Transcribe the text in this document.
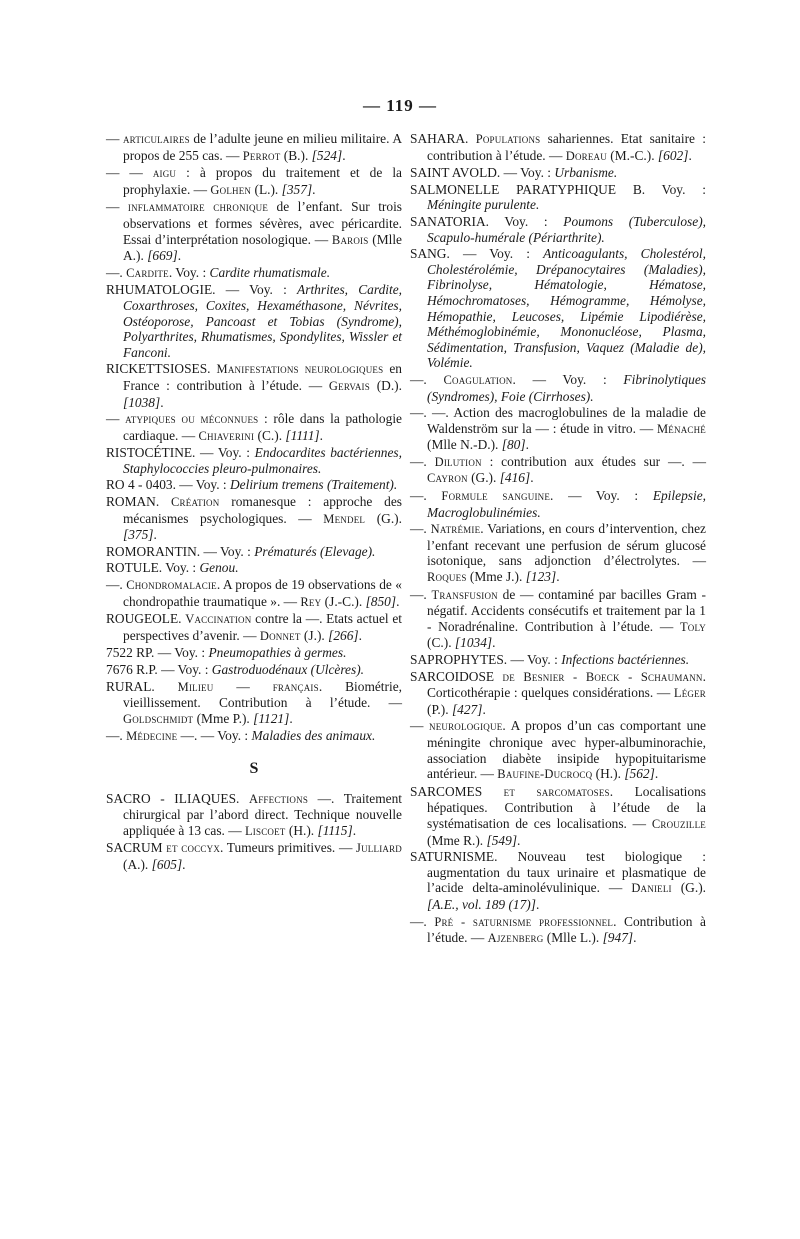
— 119 —
— articulaires de l’adulte jeune en milieu militaire. A propos de 255 cas. — Perrot (B.). [524].
— — aigu : à propos du traitement et de la prophylaxie. — Golhen (L.). [357].
— inflammatoire chronique de l’enfant. Sur trois observations et formes sévères, avec péricardite. Essai d’interprétation nosologique. — Barois (Mlle A.). [669].
—. Cardite. Voy. : Cardite rhumatismale.
RHUMATOLOGIE. — Voy. : Arthrites, Cardite, Coxarthroses, Coxites, Hexaméthasone, Névrites, Ostéoporose, Pancoast et Tobias (Syndrome), Polyarthrites, Rhumatismes, Spondylites, Wissler et Fanconi.
RICKETTSIOSES. Manifestations neurologiques en France : contribution à l’étude. — Gervais (D.). [1038].
— atypiques ou méconnues : rôle dans la pathologie cardiaque. — Chiaverini (C.). [1111].
RISTOCÉTINE. — Voy. : Endocardites bactériennes, Staphylococcies pleuro-pulmonaires.
RO 4 - 0403. — Voy. : Delirium tremens (Traitement).
ROMAN. Création romanesque : approche des mécanismes psychologiques. — Mendel (G.). [375].
ROMORANTIN. — Voy. : Prématurés (Elevage).
ROTULE. Voy. : Genou.
—. Chondromalacie. A propos de 19 observations de « chondropathie traumatique ». — Rey (J.-C.). [850].
ROUGEOLE. Vaccination contre la —. Etats actuel et perspectives d’avenir. — Donnet (J.). [266].
7522 RP. — Voy. : Pneumopathies à germes.
7676 R.P. — Voy. : Gastroduodénaux (Ulcères).
RURAL. Milieu — français. Biométrie, vieillissement. Contribution à l’étude. — Goldschmidt (Mme P.). [1121].
—. Médecine —. — Voy. : Maladies des animaux.
S
SACRO - ILIAQUES. Affections —. Traitement chirurgical par l’abord direct. Technique nouvelle appliquée à 13 cas. — Liscoet (H.). [1115].
SACRUM et coccyx. Tumeurs primitives. — Julliard (A.). [605].
SAHARA. Populations sahariennes. Etat sanitaire : contribution à l’étude. — Doreau (M.-C.). [602].
SAINT AVOLD. — Voy. : Urbanisme.
SALMONELLE PARATYPHIQUE B. Voy. : Méningite purulente.
SANATORIA. Voy. : Poumons (Tuberculose), Scapulo-humérale (Périarthrite).
SANG. — Voy. : Anticoagulants, Cholestérol, Cholestérolémie, Drépanocytaires (Maladies), Fibrinolyse, Hématologie, Hématose, Hémochromatoses, Hémogramme, Hémolyse, Hémopathie, Leucoses, Lipémie Lipodiérèse, Méthémoglobinémie, Mononucléose, Plasma, Sédimentation, Transfusion, Vaquez (Maladie de), Volémie.
—. Coagulation. — Voy. : Fibrinolytiques (Syndromes), Foie (Cirrhoses).
—. —. Action des macroglobulines de la maladie de Waldenström sur la — : étude in vitro. — Ménaché (Mlle N.-D.). [80].
—. Dilution : contribution aux études sur —. — Cayron (G.). [416].
—. Formule sanguine. — Voy. : Epilepsie, Macroglobulinémies.
—. Natrémie. Variations, en cours d’intervention, chez l’enfant recevant une perfusion de sérum glucosé isotonique, sans adjonction d’électrolytes. — Roques (Mme J.). [123].
—. Transfusion de — contaminé par bacilles Gram - négatif. Accidents consécutifs et traitement par la 1 - Noradrénaline. Contribution à l’étude. — Toly (C.). [1034].
SAPROPHYTES. — Voy. : Infections bactériennes.
SARCOIDOSE de Besnier - Boeck - Schaumann. Corticothérapie : quelques considérations. — Léger (P.). [427].
— neurologique. A propos d’un cas comportant une méningite chronique avec hyper-albuminorachie, association diabète insipide hypopituitarisme antérieur. — Baufine-Ducrocq (H.). [562].
SARCOMES et sarcomatoses. Localisations hépatiques. Contribution à l’étude de la systématisation de ces localisations. — Crouzille (Mme R.). [549].
SATURNISME. Nouveau test biologique : augmentation du taux urinaire et plasmatique de l’acide delta-aminolévulinique. — Danieli (G.). [A.E., vol. 189 (17)].
—. Pré - saturnisme professionnel. Contribution à l’étude. — Ajzenberg (Mlle L.). [947].
